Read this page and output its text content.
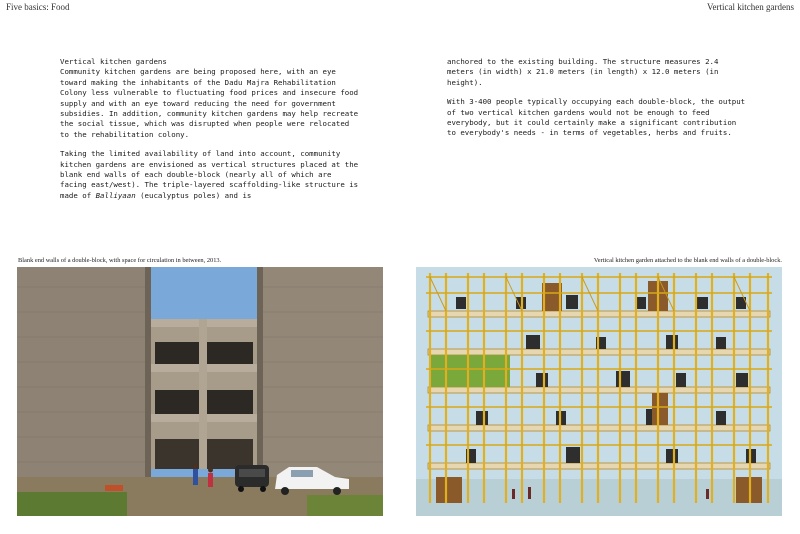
Five basics: Food	Vertical kitchen gardens

Vertical kitchen gardens
Community kitchen gardens are being proposed here, with an eye toward making the inhabitants of the Dadu Majra Rehabilitation Colony less vulnerable to fluctuating food prices and insecure food supply and with an eye toward reducing the need for government subsidies. In addition, community kitchen gardens may help recreate the social tissue, which was disrupted when people were relocated to the rehabilitation colony.

Taking the limited availability of land into account, community kitchen gardens are envisioned as vertical structures placed at the blank end walls of each double-block (nearly all of which are facing east/west). The triple-layered scaffolding-like structure is made of Balliyaan (eucalyptus poles) and is

anchored to the existing building. The structure measures 2.4 meters (in width) x 21.0 meters (in length) x 12.0 meters (in height).

With 3-400 people typically occupying each double-block, the output of two vertical kitchen gardens would not be enough to feed everybody, but it could certainly make a significant contribution to everybody's needs - in terms of vegetables, herbs and fruits.

Blank end walls of a double-block, with space for circulation in between, 2013.	Vertical kitchen garden attached to the blank end walls of a double-block.
